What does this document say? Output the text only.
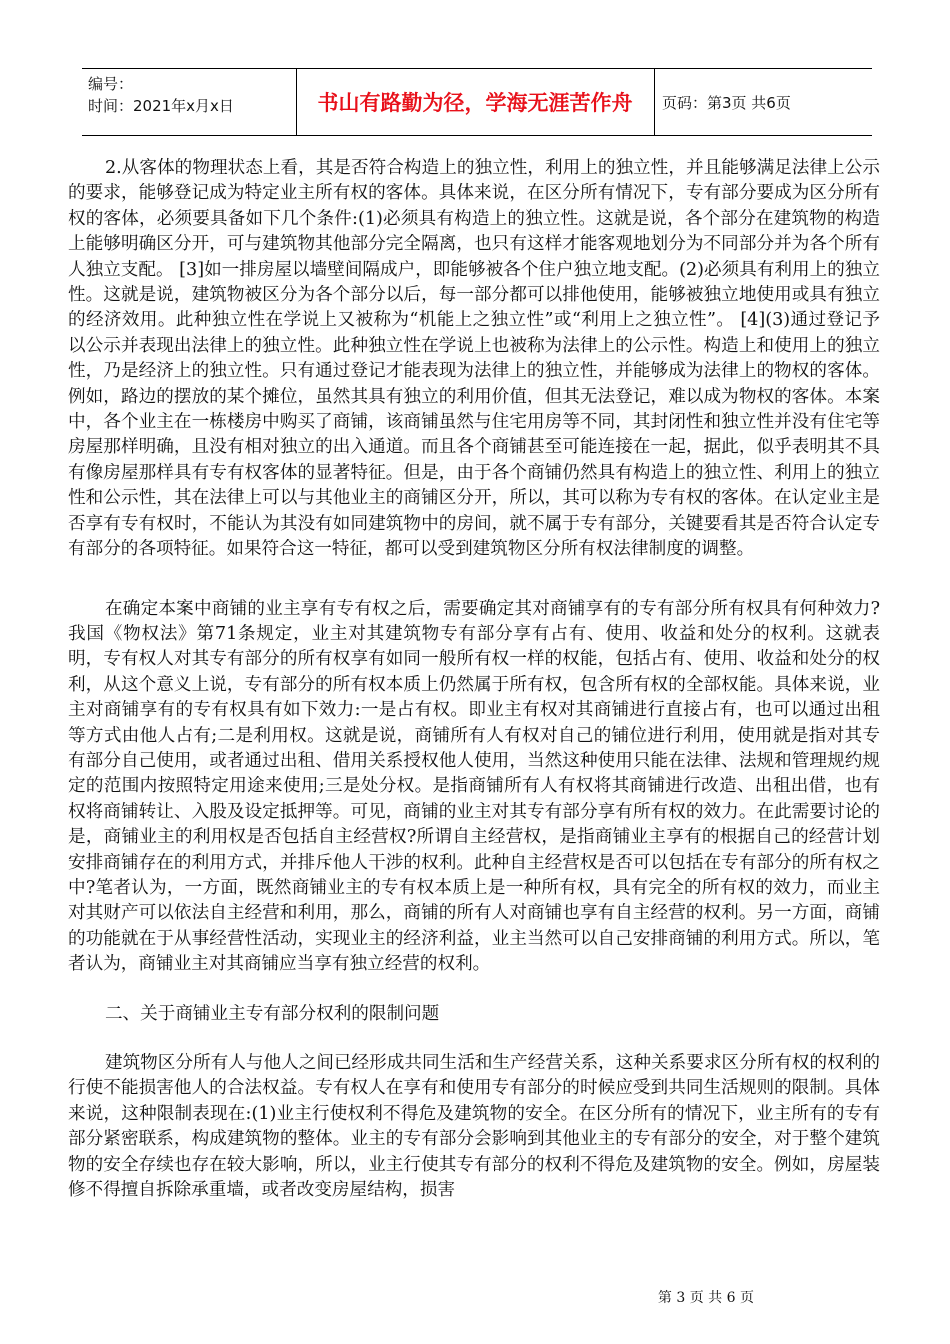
编号：
时间：2021年x月x日	书山有路勤为径，学海无涯苦作舟	页码：第3页 共6页

2.从客体的物理状态上看，其是否符合构造上的独立性，利用上的独立性，并且能够满足法律上公示的要求，能够登记成为特定业主所有权的客体。具体来说，在区分所有情况下，专有部分要成为区分所有权的客体，必须要具备如下几个条件:(1)必须具有构造上的独立性。这就是说，各个部分在建筑物的构造上能够明确区分开，可与建筑物其他部分完全隔离，也只有这样才能客观地划分为不同部分并为各个所有人独立支配。 [3]如一排房屋以墙壁间隔成户，即能够被各个住户独立地支配。(2)必须具有利用上的独立性。这就是说，建筑物被区分为各个部分以后，每一部分都可以排他使用，能够被独立地使用或具有独立的经济效用。此种独立性在学说上又被称为“机能上之独立性”或“利用上之独立性”。 [4](3)通过登记予以公示并表现出法律上的独立性。此种独立性在学说上也被称为法律上的公示性。构造上和使用上的独立性，乃是经济上的独立性。只有通过登记才能表现为法律上的独立性，并能够成为法律上的物权的客体。例如，路边的摆放的某个摊位，虽然其具有独立的利用价值，但其无法登记，难以成为物权的客体。本案中，各个业主在一栋楼房中购买了商铺，该商铺虽然与住宅用房等不同，其封闭性和独立性并没有住宅等房屋那样明确，且没有相对独立的出入通道。而且各个商铺甚至可能连接在一起，据此，似乎表明其不具有像房屋那样具有专有权客体的显著特征。但是，由于各个商铺仍然具有构造上的独立性、利用上的独立性和公示性，其在法律上可以与其他业主的商铺区分开，所以，其可以称为专有权的客体。在认定业主是否享有专有权时，不能认为其没有如同建筑物中的房间，就不属于专有部分，关键要看其是否符合认定专有部分的各项特征。如果符合这一特征，都可以受到建筑物区分所有权法律制度的调整。

在确定本案中商铺的业主享有专有权之后，需要确定其对商铺享有的专有部分所有权具有何种效力?我国《物权法》第71条规定，业主对其建筑物专有部分享有占有、使用、收益和处分的权利。这就表明，专有权人对其专有部分的所有权享有如同一般所有权一样的权能，包括占有、使用、收益和处分的权利，从这个意义上说，专有部分的所有权本质上仍然属于所有权，包含所有权的全部权能。具体来说，业主对商铺享有的专有权具有如下效力:一是占有权。即业主有权对其商铺进行直接占有，也可以通过出租等方式由他人占有;二是利用权。这就是说，商铺所有人有权对自己的铺位进行利用，使用就是指对其专有部分自己使用，或者通过出租、借用关系授权他人使用，当然这种使用只能在法律、法规和管理规约规定的范围内按照特定用途来使用;三是处分权。是指商铺所有人有权将其商铺进行改造、出租出借，也有权将商铺转让、入股及设定抵押等。可见，商铺的业主对其专有部分享有所有权的效力。在此需要讨论的是，商铺业主的利用权是否包括自主经营权?所谓自主经营权，是指商铺业主享有的根据自己的经营计划安排商铺存在的利用方式，并排斥他人干涉的权利。此种自主经营权是否可以包括在专有部分的所有权之中?笔者认为，一方面，既然商铺业主的专有权本质上是一种所有权，具有完全的所有权的效力，而业主对其财产可以依法自主经营和利用，那么，商铺的所有人对商铺也享有自主经营的权利。另一方面，商铺的功能就在于从事经营性活动，实现业主的经济利益，业主当然可以自己安排商铺的利用方式。所以，笔者认为，商铺业主对其商铺应当享有独立经营的权利。

二、关于商铺业主专有部分权利的限制问题

建筑物区分所有人与他人之间已经形成共同生活和生产经营关系，这种关系要求区分所有权的权利的行使不能损害他人的合法权益。专有权人在享有和使用专有部分的时候应受到共同生活规则的限制。具体来说，这种限制表现在:(1)业主行使权利不得危及建筑物的安全。在区分所有的情况下，业主所有的专有部分紧密联系，构成建筑物的整体。业主的专有部分会影响到其他业主的专有部分的安全，对于整个建筑物的安全存续也存在较大影响，所以，业主行使其专有部分的权利不得危及建筑物的安全。例如，房屋装修不得擅自拆除承重墙，或者改变房屋结构，损害

第 3 页 共 6 页
